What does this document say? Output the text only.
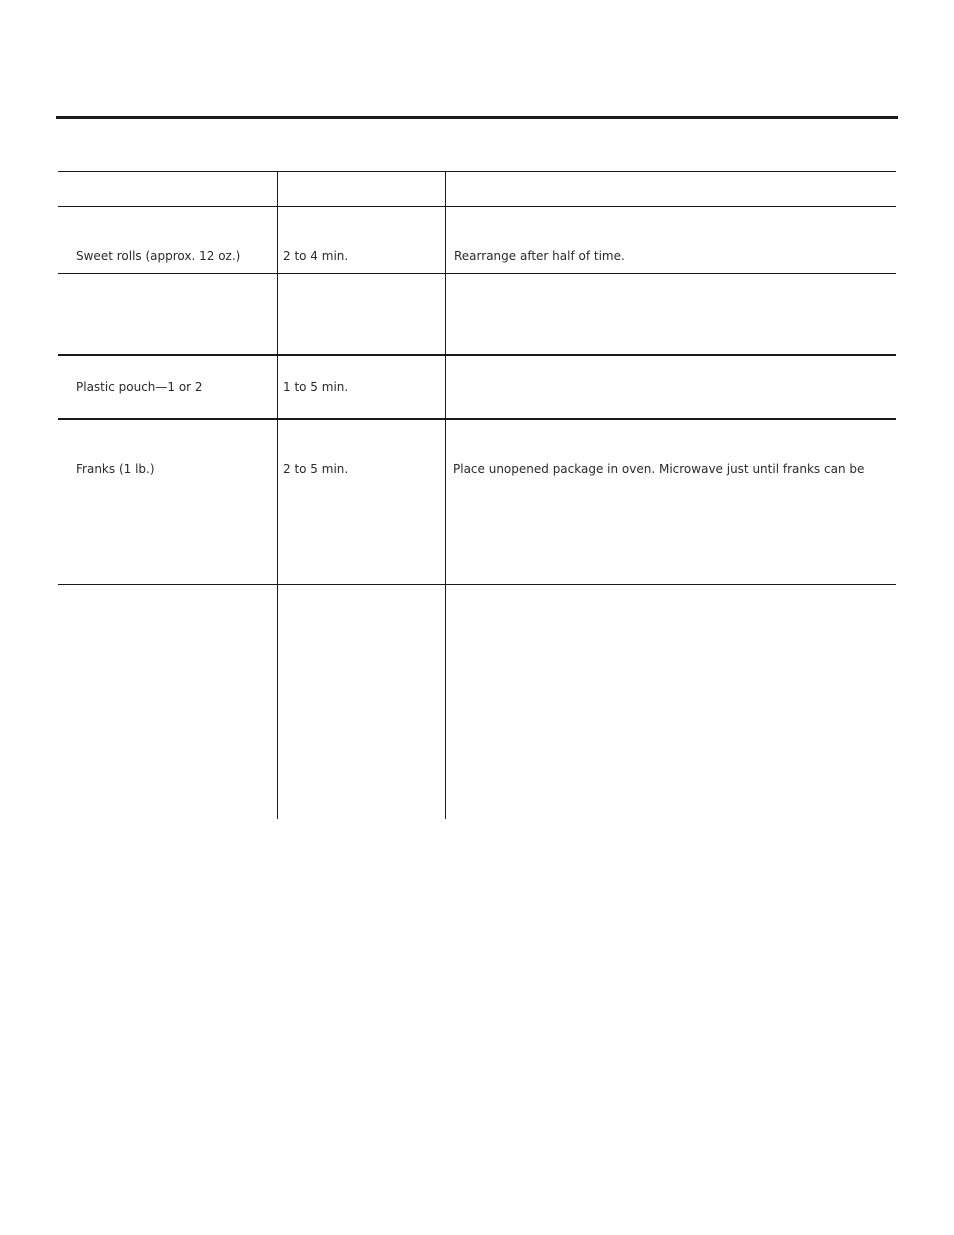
Sweet rolls (approx. 12 oz.)	2 to 4 min.	Rearrange after half of time.
Plastic pouch—1 or 2	1 to 5 min.
Franks (1 lb.)	2 to 5 min.	Place unopened package in oven. Microwave just until franks can be
